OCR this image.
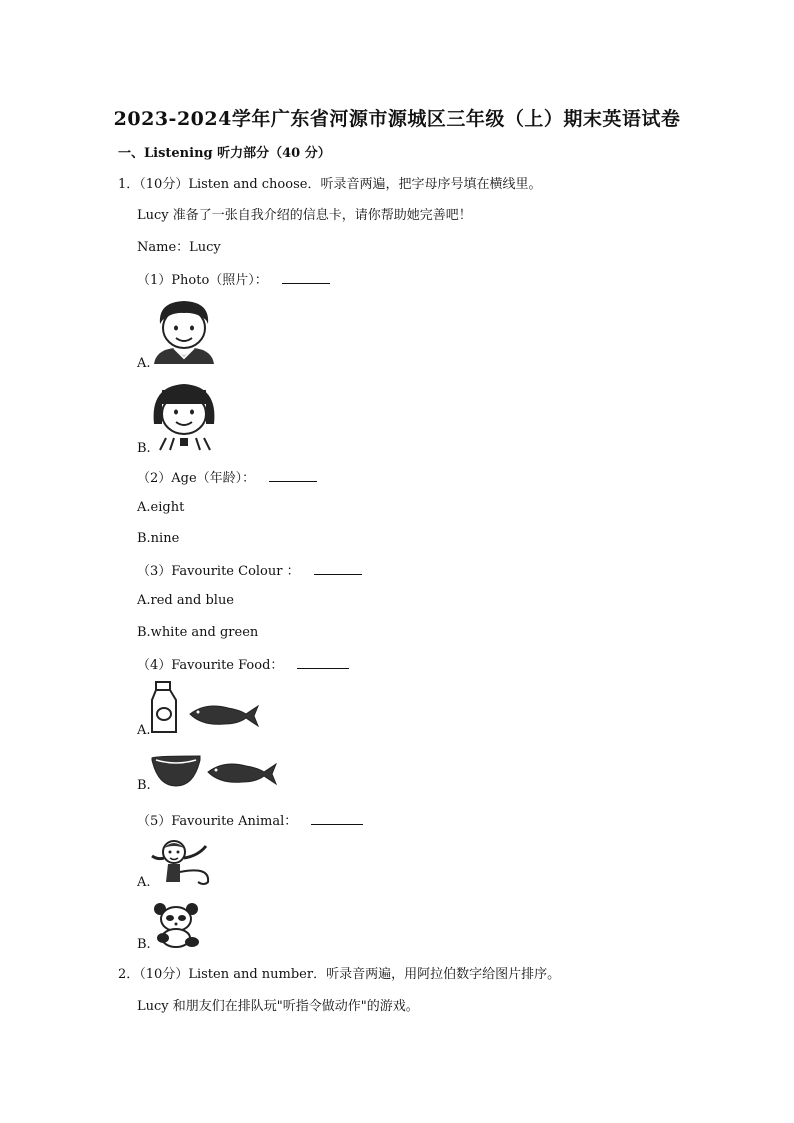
2023-2024学年广东省河源市源城区三年级（上）期末英语试卷
一、Listening 听力部分（40 分）
1．（10分）Listen and choose．听录音两遍，把字母序号填在横线里。
Lucy 准备了一张自我介绍的信息卡，请你帮助她完善吧！
Name：Lucy
（1）Photo（照片）：
A.
B.
（2）Age（年龄）：
A.eight
B.nine
（3）Favourite Colour ：
A.red and blue
B.white and green
（4）Favourite Food：
A.
B.
（5）Favourite Animal：
A.
B.
2．（10分）Listen and number．听录音两遍，用阿拉伯数字给图片排序。
Lucy 和朋友们在排队玩"听指令做动作"的游戏。
